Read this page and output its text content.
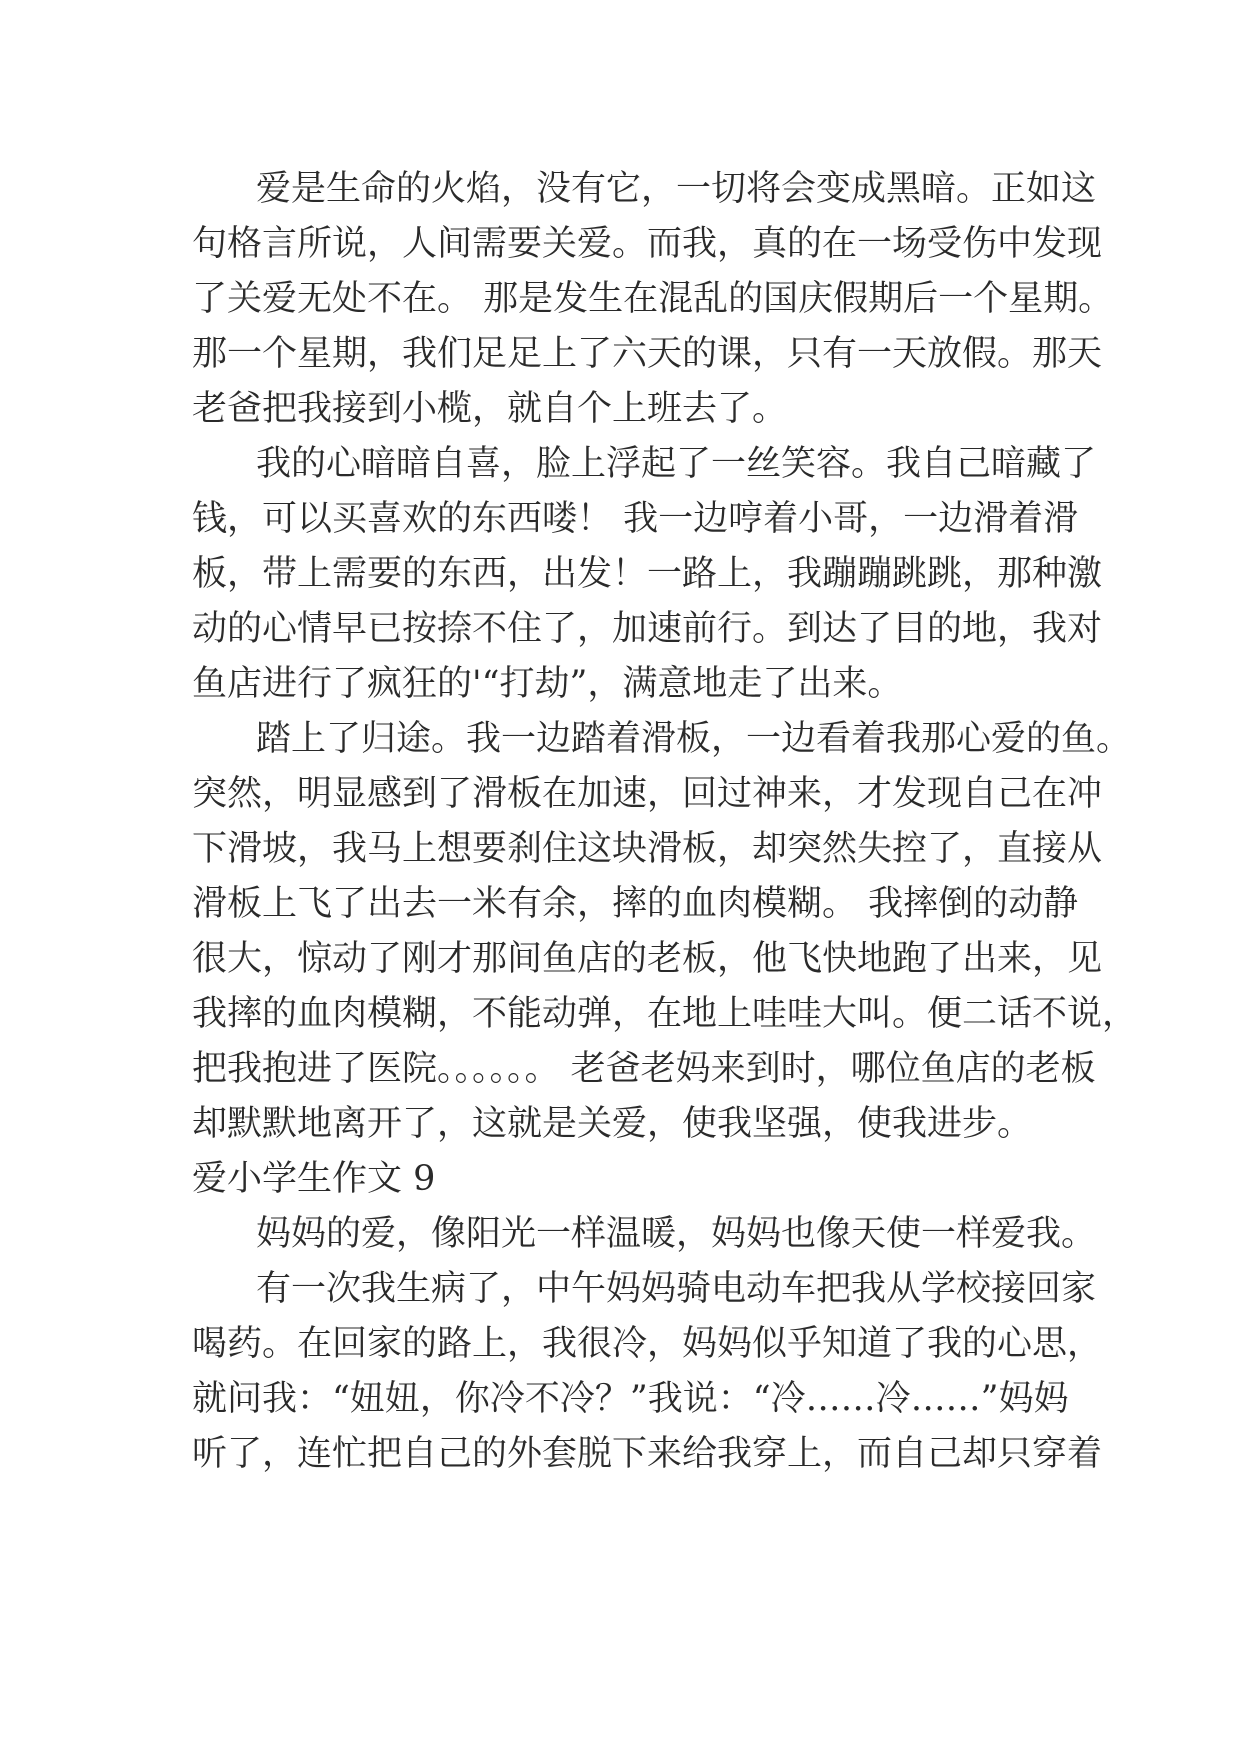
爱是生命的火焰，没有它，一切将会变成黑暗。正如这
句格言所说，人间需要关爱。而我，真的在一场受伤中发现
了关爱无处不在。 那是发生在混乱的国庆假期后一个星期。
那一个星期，我们足足上了六天的课，只有一天放假。那天
老爸把我接到小榄，就自个上班去了。
我的心暗暗自喜，脸上浮起了一丝笑容。我自己暗藏了
钱，可以买喜欢的东西喽！ 我一边哼着小哥，一边滑着滑
板，带上需要的东西，出发！一路上，我蹦蹦跳跳，那种激
动的心情早已按捺不住了，加速前行。到达了目的地，我对
鱼店进行了疯狂的'“打劫”，满意地走了出来。
踏上了归途。我一边踏着滑板，一边看着我那心爱的鱼。
突然，明显感到了滑板在加速，回过神来，才发现自己在冲
下滑坡，我马上想要刹住这块滑板，却突然失控了，直接从
滑板上飞了出去一米有余，摔的血肉模糊。 我摔倒的动静
很大，惊动了刚才那间鱼店的老板，他飞快地跑了出来，见
我摔的血肉模糊，不能动弹，在地上哇哇大叫。便二话不说，
把我抱进了医院。。。。。。 老爸老妈来到时，哪位鱼店的老板
却默默地离开了，这就是关爱，使我坚强，使我进步。
爱小学生作文 9
妈妈的爱，像阳光一样温暖，妈妈也像天使一样爱我。
有一次我生病了，中午妈妈骑电动车把我从学校接回家
喝药。在回家的路上，我很冷，妈妈似乎知道了我的心思，
就问我：“妞妞，你冷不冷？”我说：“冷……冷……”妈妈
听了，连忙把自己的外套脱下来给我穿上，而自己却只穿着
